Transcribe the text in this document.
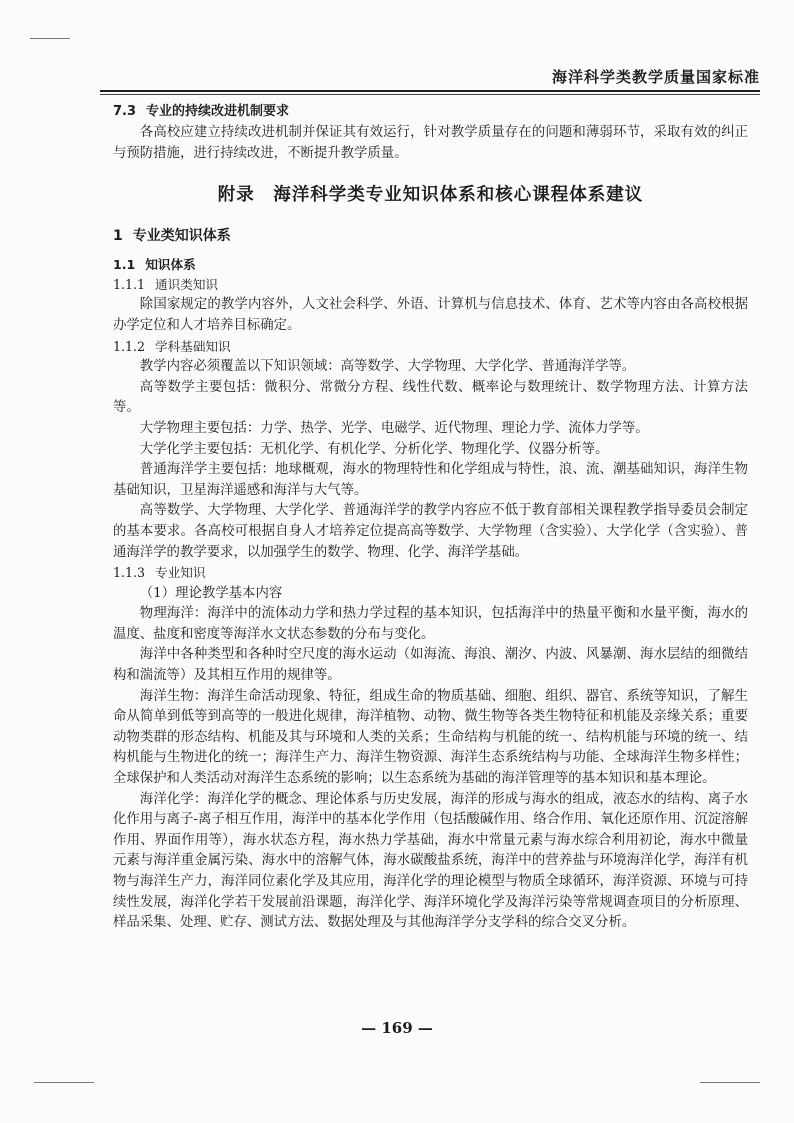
海洋科学类教学质量国家标准
7.3 专业的持续改进机制要求

各高校应建立持续改进机制并保证其有效运行，针对教学质量存在的问题和薄弱环节，采取有效的纠正与预防措施，进行持续改进，不断提升教学质量。

附录　海洋科学类专业知识体系和核心课程体系建议
1 专业类知识体系
1.1 知识体系
1.1.1 通识类知识

除国家规定的教学内容外，人文社会科学、外语、计算机与信息技术、体育、艺术等内容由各高校根据办学定位和人才培养目标确定。

1.1.2 学科基础知识

教学内容必须覆盖以下知识领域：高等数学、大学物理、大学化学、普通海洋学等。

高等数学主要包括：微积分、常微分方程、线性代数、概率论与数理统计、数学物理方法、计算方法等。

大学物理主要包括：力学、热学、光学、电磁学、近代物理、理论力学、流体力学等。

大学化学主要包括：无机化学、有机化学、分析化学、物理化学、仪器分析等。

普通海洋学主要包括：地球概观，海水的物理特性和化学组成与特性，浪、流、潮基础知识，海洋生物基础知识，卫星海洋遥感和海洋与大气等。

高等数学、大学物理、大学化学、普通海洋学的教学内容应不低于教育部相关课程教学指导委员会制定的基本要求。各高校可根据自身人才培养定位提高高等数学、大学物理（含实验）、大学化学（含实验）、普通海洋学的教学要求，以加强学生的数学、物理、化学、海洋学基础。

1.1.3 专业知识

（1）理论教学基本内容

物理海洋：海洋中的流体动力学和热力学过程的基本知识，包括海洋中的热量平衡和水量平衡，海水的温度、盐度和密度等海洋水文状态参数的分布与变化。

海洋中各种类型和各种时空尺度的海水运动（如海流、海浪、潮汐、内波、风暴潮、海水层结的细微结构和湍流等）及其相互作用的规律等。

海洋生物：海洋生命活动现象、特征，组成生命的物质基础、细胞、组织、器官、系统等知识，了解生命从简单到低等到高等的一般进化规律，海洋植物、动物、微生物等各类生物特征和机能及亲缘关系；重要动物类群的形态结构、机能及其与环境和人类的关系；生命结构与机能的统一、结构机能与环境的统一、结构机能与生物进化的统一；海洋生产力、海洋生物资源、海洋生态系统结构与功能、全球海洋生物多样性；全球保护和人类活动对海洋生态系统的影响；以生态系统为基础的海洋管理等的基本知识和基本理论。

海洋化学：海洋化学的概念、理论体系与历史发展，海洋的形成与海水的组成，液态水的结构、离子水化作用与离子-离子相互作用，海洋中的基本化学作用（包括酸碱作用、络合作用、氧化还原作用、沉淀溶解作用、界面作用等），海水状态方程，海水热力学基础，海水中常量元素与海水综合利用初论，海水中微量元素与海洋重金属污染、海水中的溶解气体，海水碳酸盐系统，海洋中的营养盐与环境海洋化学，海洋有机物与海洋生产力，海洋同位素化学及其应用，海洋化学的理论模型与物质全球循环，海洋资源、环境与可持续性发展，海洋化学若干发展前沿课题，海洋化学、海洋环境化学及海洋污染等常规调查项目的分析原理、样品采集、处理、贮存、测试方法、数据处理及与其他海洋学分支学科的综合交叉分析。

— 169 —
